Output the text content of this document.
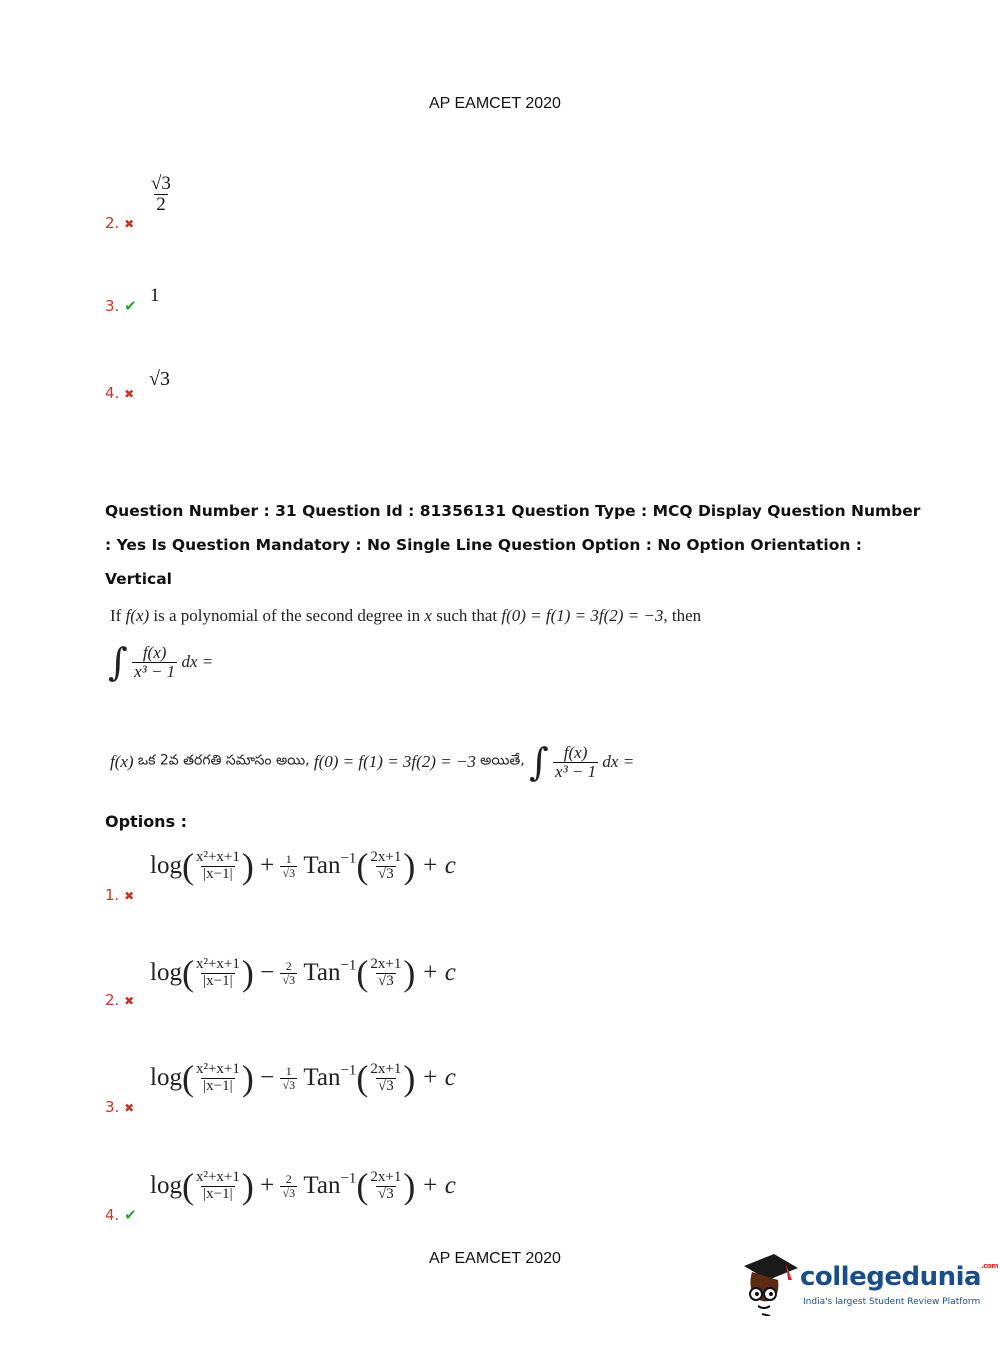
AP EAMCET 2020
2. ✖
$\frac{√3}{2}$
3. ✔ 1
4. ✖
√3
Question Number : 31 Question Id : 81356131 Question Type : MCQ Display Question Number
: Yes Is Question Mandatory : No Single Line Question Option : No Option Orientation :
Vertical
If f(x) is a polynomial of the second degree in x such that f(0) = f(1) = 3f(2) = −3, then
∫ $\frac{f(x)}{\text{x³ − 1}}$ dx =
f(x) ఒక 2వ తరగతి సమాసం అయి, f(0) = f(1) = 3f(2) = −3 అయితే, ∫ $\frac{f(x)}{\text{x³ − 1}}$ dx =
Options :
1. ✖
$\log( \frac{\text{x²+x+1}}{|x-1|}$ ) + $\frac{1}{√3} Tan^{-1}( \frac{2x+1}{√3}$ ) + c
2. ✖
$\log( \frac{\text{x²+x+1}}{|x-1|}$ ) − $\frac{2}{√3} Tan^{-1}( \frac{2x+1}{√3}$ ) + c
3. ✖
$\log( \frac{\text{x²+x+1}}{|x-1|}$ ) − $\frac{1}{√3} Tan^{-1}( \frac{2x+1}{√3}$ ) + c
4. ✔
$\log( \frac{\text{x²+x+1}}{|x-1|}$ ) + $\frac{2}{√3} Tan^{-1}( \frac{2x+1}{√3}$ ) + c
AP EAMCET 2020
collegedunia$^{.com}$
India's largest Student Review Platform
